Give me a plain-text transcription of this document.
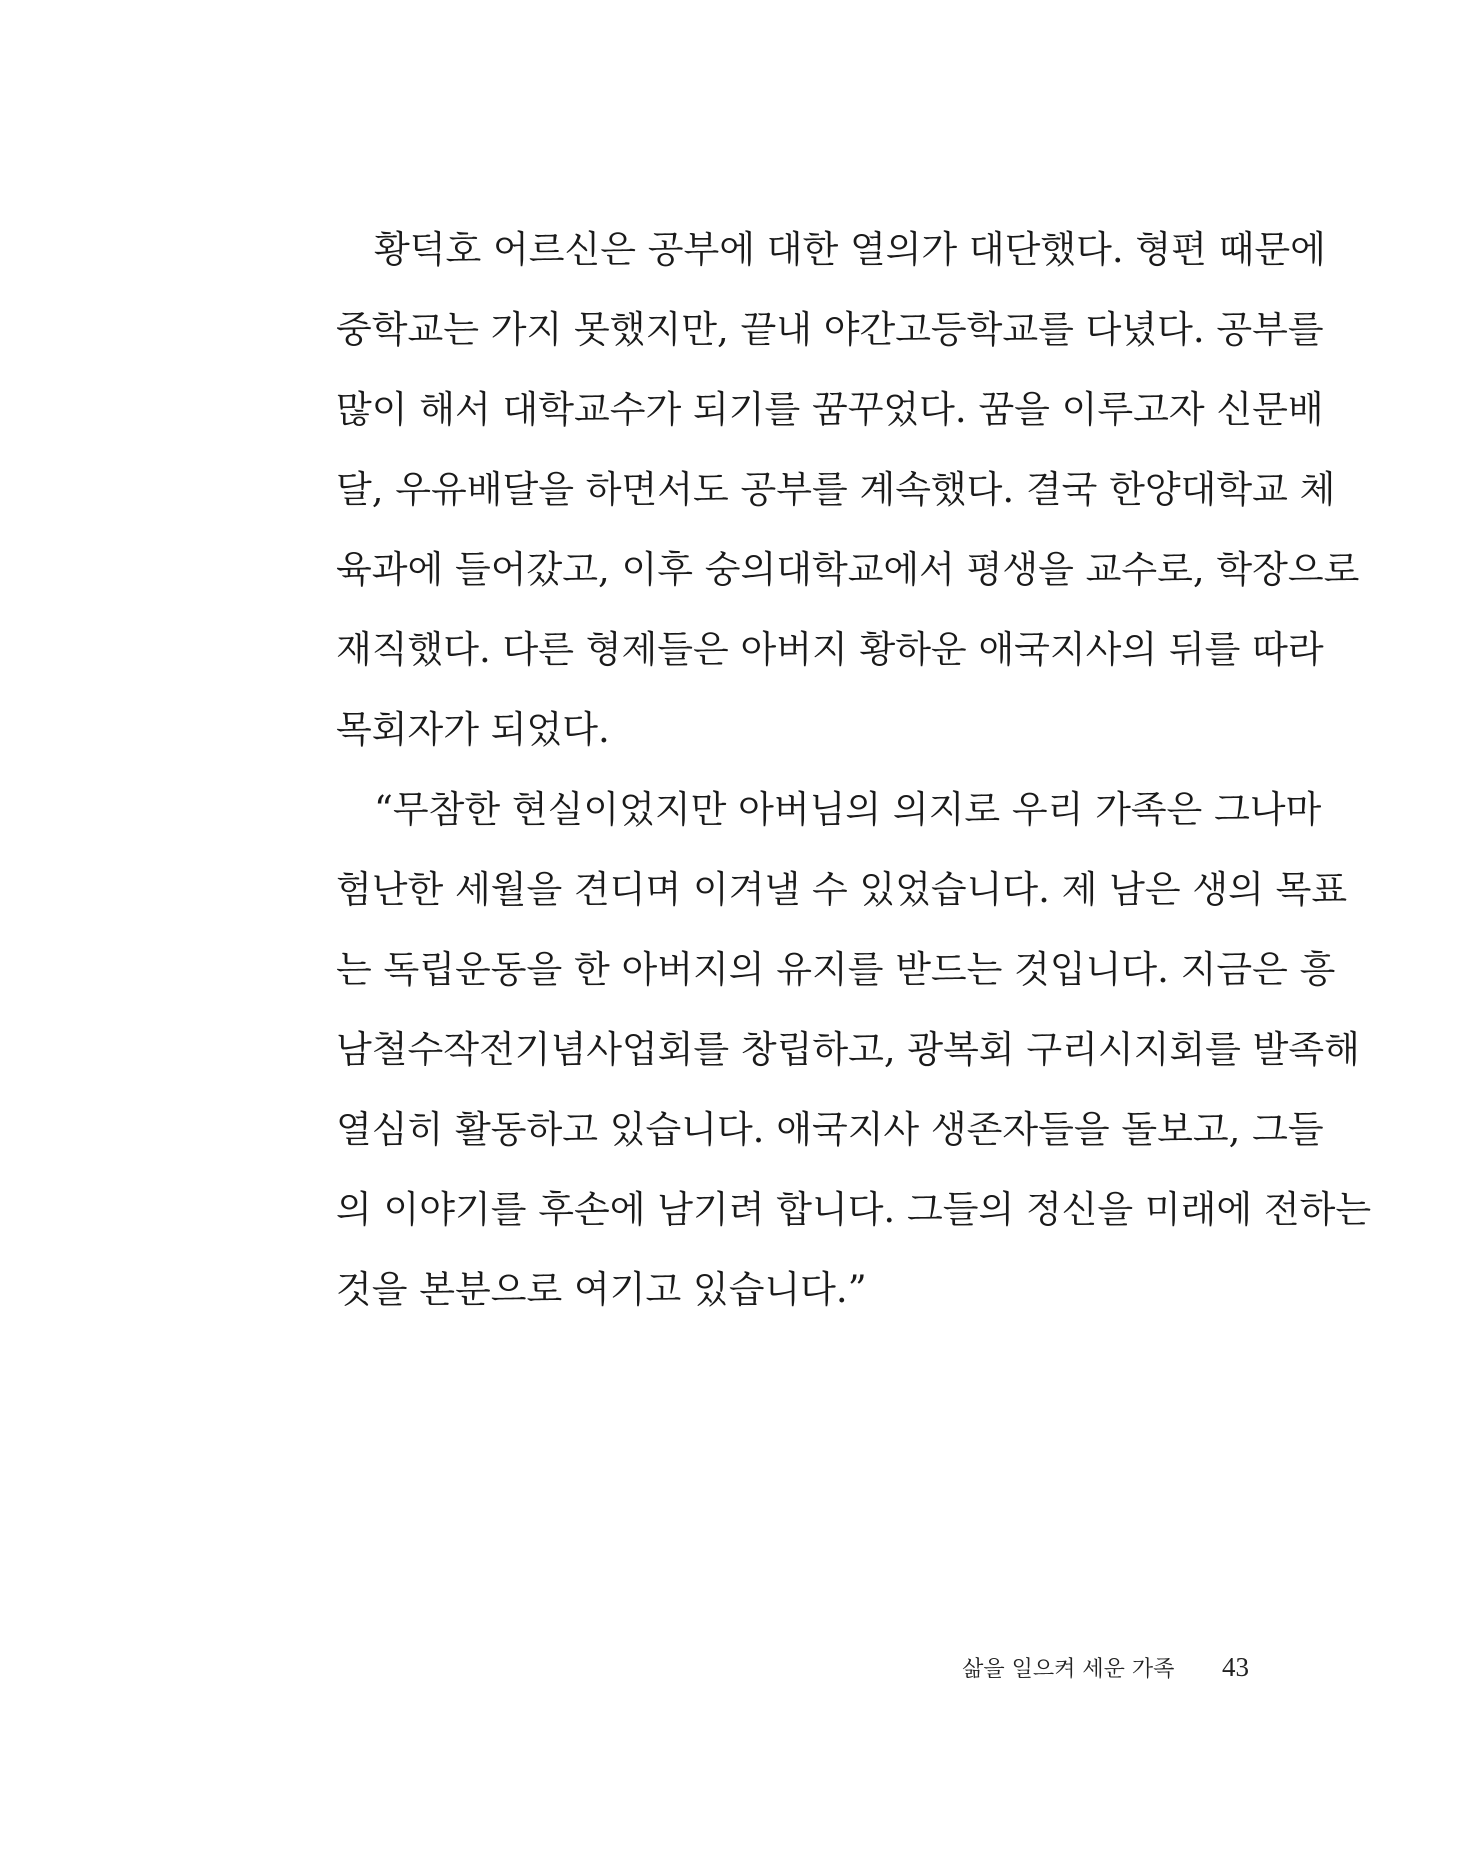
황덕호 어르신은 공부에 대한 열의가 대단했다. 형편 때문에
중학교는 가지 못했지만, 끝내 야간고등학교를 다녔다. 공부를
많이 해서 대학교수가 되기를 꿈꾸었다. 꿈을 이루고자 신문배
달, 우유배달을 하면서도 공부를 계속했다. 결국 한양대학교 체
육과에 들어갔고, 이후 숭의대학교에서 평생을 교수로, 학장으로
재직했다. 다른 형제들은 아버지 황하운 애국지사의 뒤를 따라
목회자가 되었다.
“무참한 현실이었지만 아버님의 의지로 우리 가족은 그나마
험난한 세월을 견디며 이겨낼 수 있었습니다. 제 남은 생의 목표
는 독립운동을 한 아버지의 유지를 받드는 것입니다. 지금은 흥
남철수작전기념사업회를 창립하고, 광복회 구리시지회를 발족해
열심히 활동하고 있습니다. 애국지사 생존자들을 돌보고, 그들
의 이야기를 후손에 남기려 합니다. 그들의 정신을 미래에 전하는
것을 본분으로 여기고 있습니다.”
삶을 일으켜 세운 가족 43
